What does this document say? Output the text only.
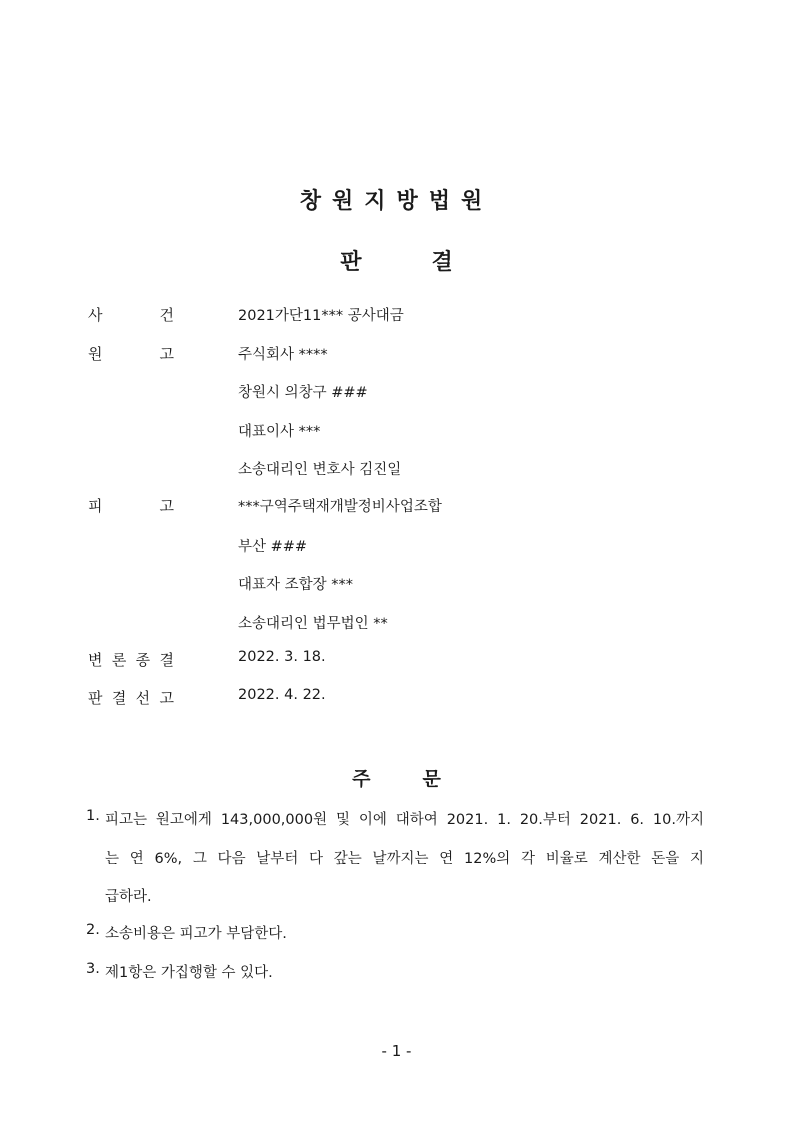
창원지방법원
판	결
사	건	2021가단11*** 공사대금
원	고	주식회사 ****
창원시 의창구 ###
대표이사 ***
소송대리인 변호사 김진일
피	고	***구역주택재개발정비사업조합
부산 ###
대표자 조합장 ***
소송대리인 법무법인 **
변 론 종 결	2022. 3. 18.
판 결 선 고	2022. 4. 22.
주	문
1. 피고는 원고에게 143,000,000원 및 이에 대하여 2021. 1. 20.부터 2021. 6. 10.까지
는 연 6%, 그 다음 날부터 다 갚는 날까지는 연 12%의 각 비율로 계산한 돈을 지
급하라.
2. 소송비용은 피고가 부담한다.
3. 제1항은 가집행할 수 있다.
- 1 -
